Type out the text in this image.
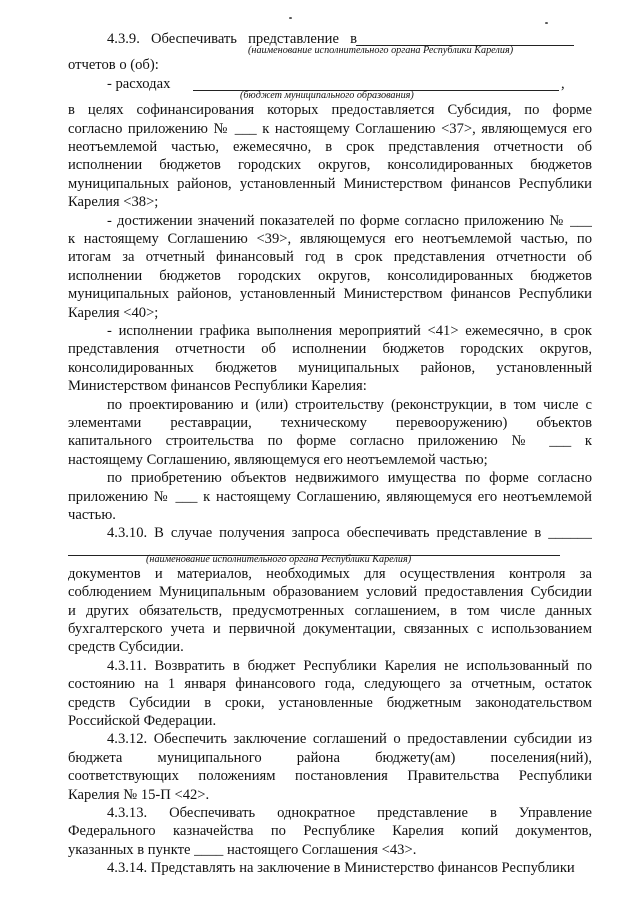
4.3.9. Обеспечивать представление в
(наименование исполнительного органа Республики Карелия)
отчетов о (об):
- расходах	,
(бюджет муниципального образования)
в целях софинансирования которых предоставляется Субсидия, по форме
согласно приложению № ___ к настоящему Соглашению <37>, являющемуся его
неотъемлемой частью, ежемесячно, в срок представления отчетности об
исполнении бюджетов городских округов, консолидированных бюджетов
муниципальных районов, установленный Министерством финансов Республики
Карелия <38>;
- достижении значений показателей по форме согласно приложению № ___
к настоящему Соглашению <39>, являющемуся его неотъемлемой частью, по
итогам за отчетный финансовый год в срок представления отчетности об
исполнении бюджетов городских округов, консолидированных бюджетов
муниципальных районов, установленный Министерством финансов Республики
Карелия <40>;
- исполнении графика выполнения мероприятий <41> ежемесячно, в срок
представления отчетности об исполнении бюджетов городских округов,
консолидированных бюджетов муниципальных районов, установленный
Министерством финансов Республики Карелия:
по проектированию и (или) строительству (реконструкции, в том числе с
элементами реставрации, техническому перевооружению) объектов
капитального строительства по форме согласно приложению № ___ к
настоящему Соглашению, являющемуся его неотъемлемой частью;
по приобретению объектов недвижимого имущества по форме согласно
приложению № ___ к настоящему Соглашению, являющемуся его неотъемлемой
частью.
4.3.10. В случае получения запроса обеспечивать представление в ______
(наименование исполнительного органа Республики Карелия)
документов и материалов, необходимых для осуществления контроля за
соблюдением Муниципальным образованием условий предоставления Субсидии
и других обязательств, предусмотренных соглашением, в том числе данных
бухгалтерского учета и первичной документации, связанных с использованием
средств Субсидии.
4.3.11. Возвратить в бюджет Республики Карелия не использованный по
состоянию на 1 января финансового года, следующего за отчетным, остаток
средств Субсидии в сроки, установленные бюджетным законодательством
Российской Федерации.
4.3.12. Обеспечить заключение соглашений о предоставлении субсидии из
бюджета муниципального района бюджету(ам) поселения(ний),
соответствующих положениям постановления Правительства Республики
Карелия № 15-П <42>.
4.3.13. Обеспечивать однократное представление в Управление
Федерального казначейства по Республике Карелия копий документов,
указанных в пункте ____ настоящего Соглашения <43>.
4.3.14. Представлять на заключение в Министерство финансов Республики
